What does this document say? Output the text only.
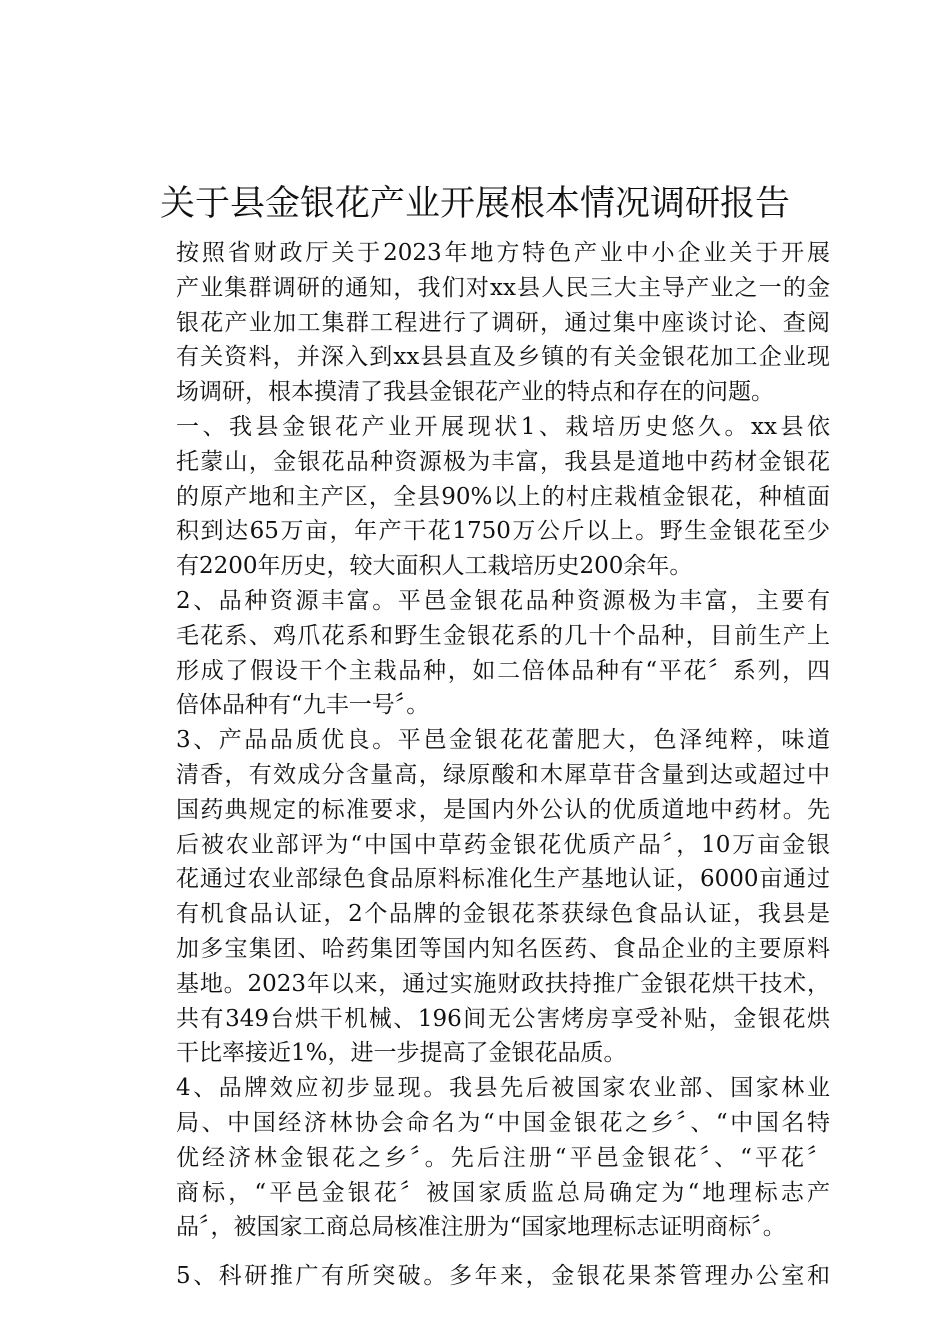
关于县金银花产业开展根本情况调研报告

按照省财政厅关于2023年地方特色产业中小企业关于开展
产业集群调研的通知，我们对xx县人民三大主导产业之一的金
银花产业加工集群工程进行了调研，通过集中座谈讨论、查阅
有关资料，并深入到xx县县直及乡镇的有关金银花加工企业现
场调研，根本摸清了我县金银花产业的特点和存在的问题。

一、我县金银花产业开展现状1、栽培历史悠久。xx县依
托蒙山，金银花品种资源极为丰富，我县是道地中药材金银花
的原产地和主产区，全县90%以上的村庄栽植金银花，种植面
积到达65万亩，年产干花1750万公斤以上。野生金银花至少
有2200年历史，较大面积人工栽培历史200余年。

2、品种资源丰富。平邑金银花品种资源极为丰富，主要有
毛花系、鸡爪花系和野生金银花系的几十个品种，目前生产上
形成了假设干个主栽品种，如二倍体品种有“平花〞系列，四
倍体品种有“九丰一号〞。

3、产品品质优良。平邑金银花花蕾肥大，色泽纯粹，味道
清香，有效成分含量高，绿原酸和木犀草苷含量到达或超过中
国药典规定的标准要求，是国内外公认的优质道地中药材。先
后被农业部评为“中国中草药金银花优质产品〞，10万亩金银
花通过农业部绿色食品原料标准化生产基地认证，6000亩通过
有机食品认证，2个品牌的金银花茶获绿色食品认证，我县是
加多宝集团、哈药集团等国内知名医药、食品企业的主要原料
基地。2023年以来，通过实施财政扶持推广金银花烘干技术，
共有349台烘干机械、196间无公害烤房享受补贴，金银花烘
干比率接近1%，进一步提高了金银花品质。

4、品牌效应初步显现。我县先后被国家农业部、国家林业
局、中国经济林协会命名为“中国金银花之乡〞、“中国名特
优经济林金银花之乡〞。先后注册“平邑金银花〞、“平花〞
商标，“平邑金银花〞被国家质监总局确定为“地理标志产
品〞，被国家工商总局核准注册为“国家地理标志证明商标〞。

5、科研推广有所突破。多年来，金银花果茶管理办公室和
